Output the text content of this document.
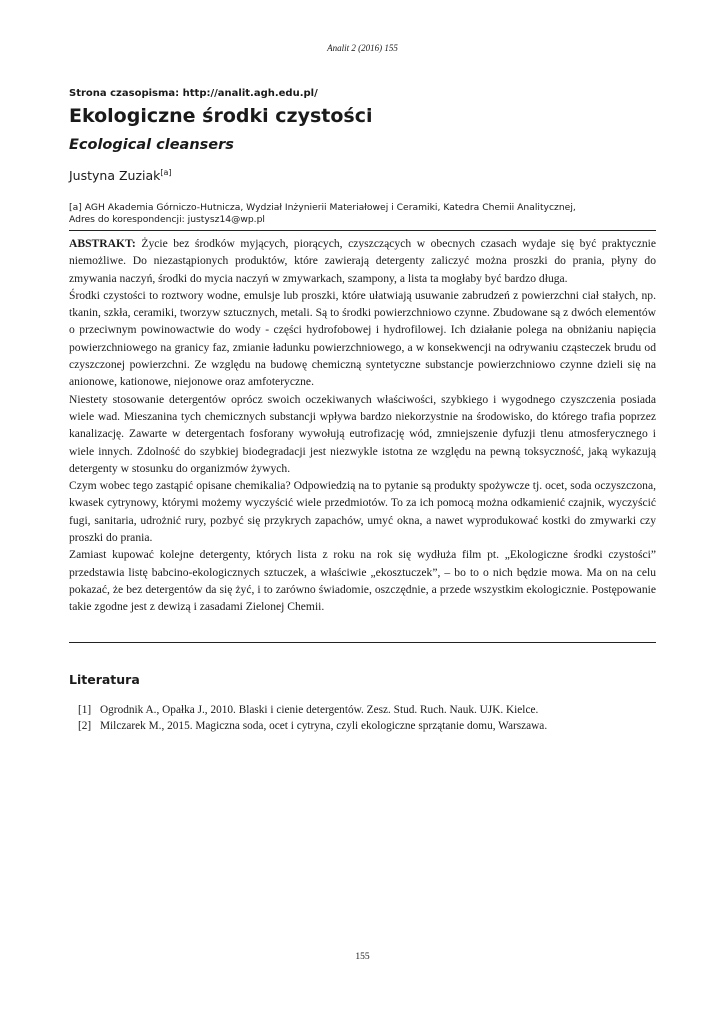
Analit 2 (2016) 155
Strona czasopisma: http://analit.agh.edu.pl/
Ekologiczne środki czystości
Ecological cleansers
Justyna Zuziak[a]
[a] AGH Akademia Górniczo-Hutnicza, Wydział Inżynierii Materiałowej i Ceramiki, Katedra Chemii Analitycznej,
Adres do korespondencji: justysz14@wp.pl

ABSTRAKT: Życie bez środków myjących, piorących, czyszczących w obecnych czasach wydaje się być praktycznie niemożliwe. Do niezastąpionych produktów, które zawierają detergenty zaliczyć można proszki do prania, płyny do zmywania naczyń, środki do mycia naczyń w zmywarkach, szampony, a lista ta mogłaby być bardzo długa.

Środki czystości to roztwory wodne, emulsje lub proszki, które ułatwiają usuwanie zabrudzeń z powierzchni ciał stałych, np. tkanin, szkła, ceramiki, tworzyw sztucznych, metali. Są to środki powierzchniowo czynne. Zbudowane są z dwóch elementów o przeciwnym powinowactwie do wody - części hydrofobowej i hydrofilowej. Ich działanie polega na obniżaniu napięcia powierzchniowego na granicy faz, zmianie ładunku powierzchniowego, a w konsekwencji na odrywaniu cząsteczek brudu od czyszczonej powierzchni. Ze względu na budowę chemiczną syntetyczne substancje powierzchniowo czynne dzieli się na anionowe, kationowe, niejonowe oraz amfoteryczne.

Niestety stosowanie detergentów oprócz swoich oczekiwanych właściwości, szybkiego i wygodnego czyszczenia posiada wiele wad. Mieszanina tych chemicznych substancji wpływa bardzo niekorzystnie na środowisko, do którego trafia poprzez kanalizację. Zawarte w detergentach fosforany wywołują eutrofizację wód, zmniejszenie dyfuzji tlenu atmosferycznego i wiele innych. Zdolność do szybkiej biodegradacji jest niezwykle istotna ze względu na pewną toksyczność, jaką wykazują detergenty w stosunku do organizmów żywych.

Czym wobec tego zastąpić opisane chemikalia? Odpowiedzią na to pytanie są produkty spożywcze tj. ocet, soda oczyszczona, kwasek cytrynowy, którymi możemy wyczyścić wiele przedmiotów. To za ich pomocą można odkamienić czajnik, wyczyścić fugi, sanitaria, udrożnić rury, pozbyć się przykrych zapachów, umyć okna, a nawet wyprodukować kostki do zmywarki czy proszki do prania.

Zamiast kupować kolejne detergenty, których lista z roku na rok się wydłuża film pt. „Ekologiczne środki czystości” przedstawia listę babcino-ekologicznych sztuczek, a właściwie „ekosztuczek”, – bo to o nich będzie mowa. Ma on na celu pokazać, że bez detergentów da się żyć, i to zarówno świadomie, oszczędnie, a przede wszystkim ekologicznie. Postępowanie takie zgodne jest z dewizą i zasadami Zielonej Chemii.

Literatura
[1] Ogrodnik A., Opałka J., 2010. Blaski i cienie detergentów. Zesz. Stud. Ruch. Nauk. UJK. Kielce.
[2] Milczarek M., 2015. Magiczna soda, ocet i cytryna, czyli ekologiczne sprzątanie domu, Warszawa.
155
